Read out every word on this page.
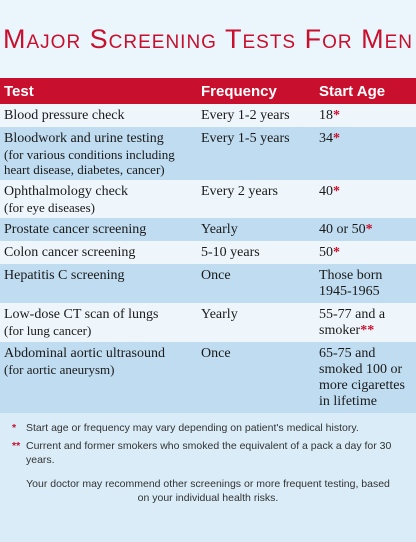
Major Screening Tests For Men
Test	Frequency	Start Age
Blood pressure check	Every 1-2 years	18*
Bloodwork and urine testing
(for various conditions including heart disease, diabetes, cancer)	Every 1-5 years	34*
Ophthalmology check
(for eye diseases)	Every 2 years	40*
Prostate cancer screening	Yearly	40 or 50*
Colon cancer screening	5-10 years	50*
Hepatitis C screening	Once	Those born 1945-1965
Low-dose CT scan of lungs
(for lung cancer)	Yearly	55-77 and a smoker**
Abdominal aortic ultrasound
(for aortic aneurysm)	Once	65-75 and smoked 100 or more cigarettes in lifetime
* Start age or frequency may vary depending on patient's medical history.
** Current and former smokers who smoked the equivalent of a pack a day for 30 years.
Your doctor may recommend other screenings or more frequent testing, based on your individual health risks.
